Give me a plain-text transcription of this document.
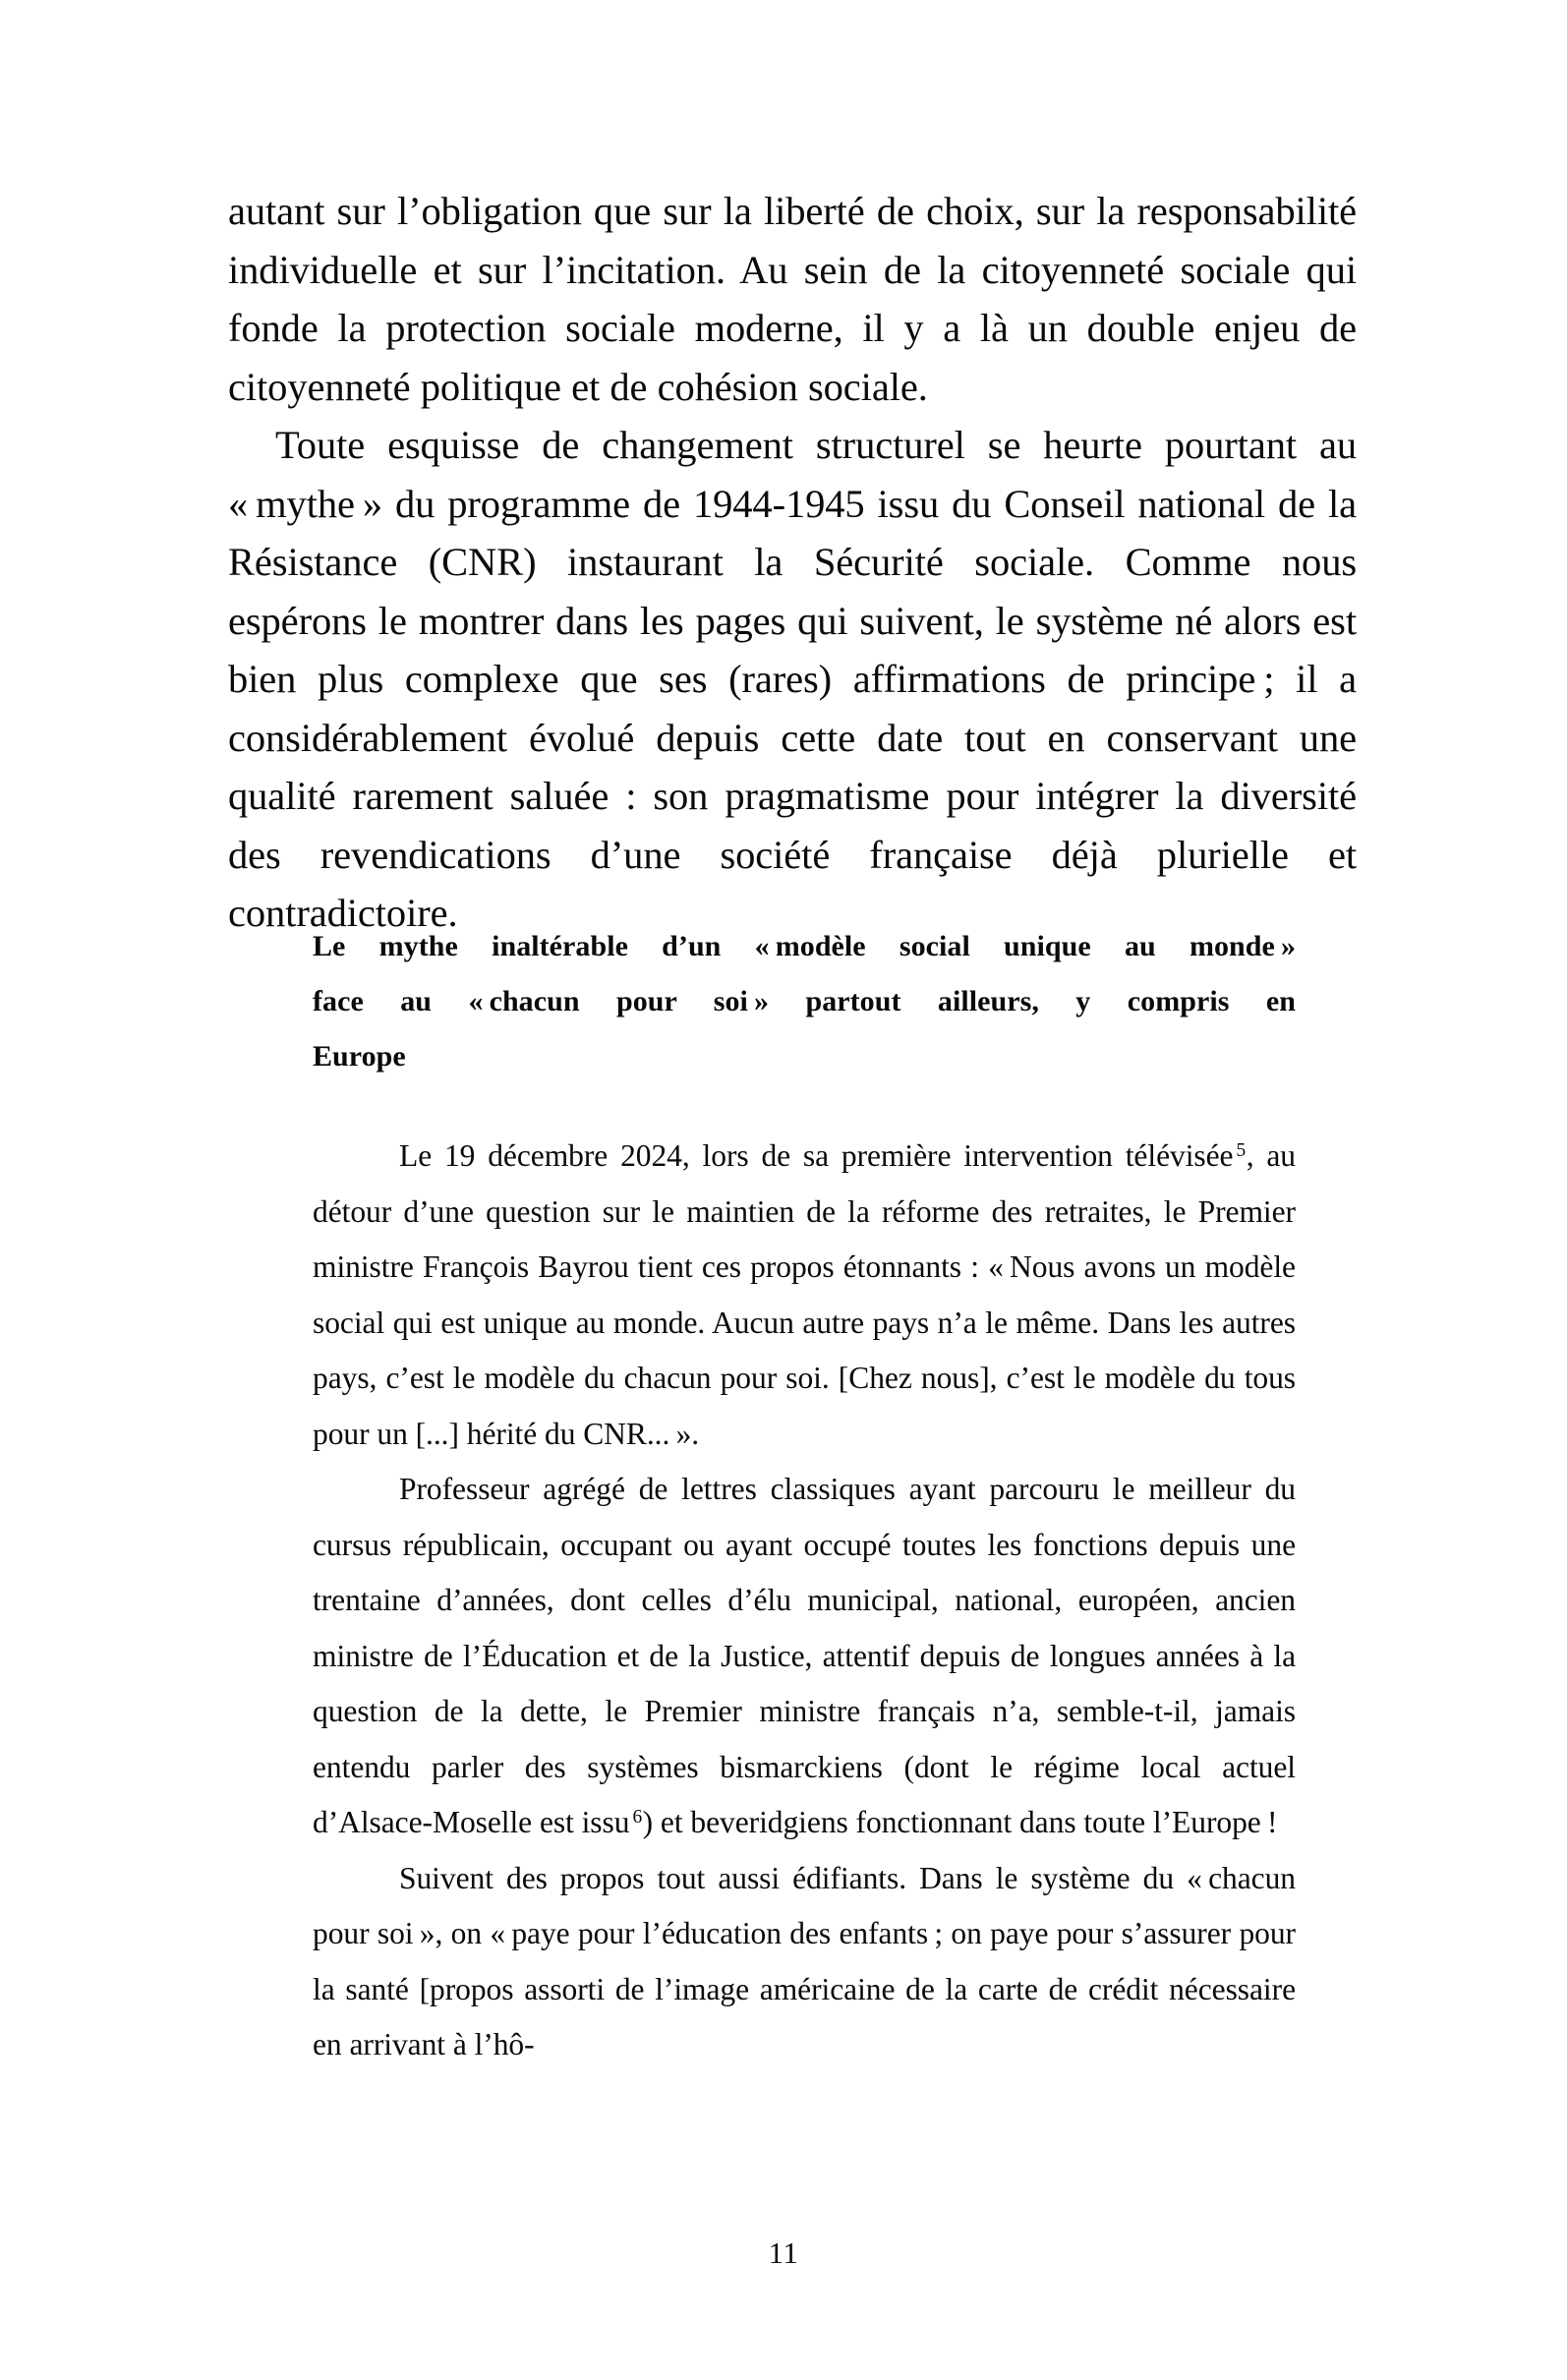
autant sur l’obligation que sur la liberté de choix, sur la responsabilité individuelle et sur l’incitation. Au sein de la citoyenneté sociale qui fonde la protection sociale moderne, il y a là un double enjeu de citoyenneté politique et de cohésion sociale.

Toute esquisse de changement structurel se heurte pourtant au « mythe » du programme de 1944-1945 issu du Conseil national de la Résistance (CNR) instaurant la Sécurité sociale. Comme nous espérons le montrer dans les pages qui suivent, le système né alors est bien plus complexe que ses (rares) affirmations de principe ; il a considérablement évolué depuis cette date tout en conservant une qualité rarement saluée : son pragmatisme pour intégrer la diversité des revendications d’une société française déjà plurielle et contradictoire.

Le mythe inaltérable d’un « modèle social unique au monde »

face au « chacun pour soi » partout ailleurs, y compris en

Europe

Le 19 décembre 2024, lors de sa première intervention télévisée $^5$, au détour d’une question sur le maintien de la réforme des retraites, le Premier ministre François Bayrou tient ces propos étonnants : « Nous avons un modèle social qui est unique au monde. Aucun autre pays n’a le même. Dans les autres pays, c’est le modèle du chacun pour soi. [Chez nous], c’est le modèle du tous pour un [...] hérité du CNR... ».

Professeur agrégé de lettres classiques ayant parcouru le meilleur du cursus républicain, occupant ou ayant occupé toutes les fonctions depuis une trentaine d’années, dont celles d’élu municipal, national, européen, ancien ministre de l’Éducation et de la Justice, attentif depuis de longues années à la question de la dette, le Premier ministre français n’a, semble-t-il, jamais entendu parler des systèmes bismarckiens (dont le régime local actuel d’Alsace-Moselle est issu $^6$) et beveridgiens fonctionnant dans toute l’Europe !

Suivent des propos tout aussi édifiants. Dans le système du « chacun pour soi », on « paye pour l’éducation des enfants ; on paye pour s’assurer pour la santé [propos assorti de l’image américaine de la carte de crédit nécessaire en arrivant à l’hô-

11
